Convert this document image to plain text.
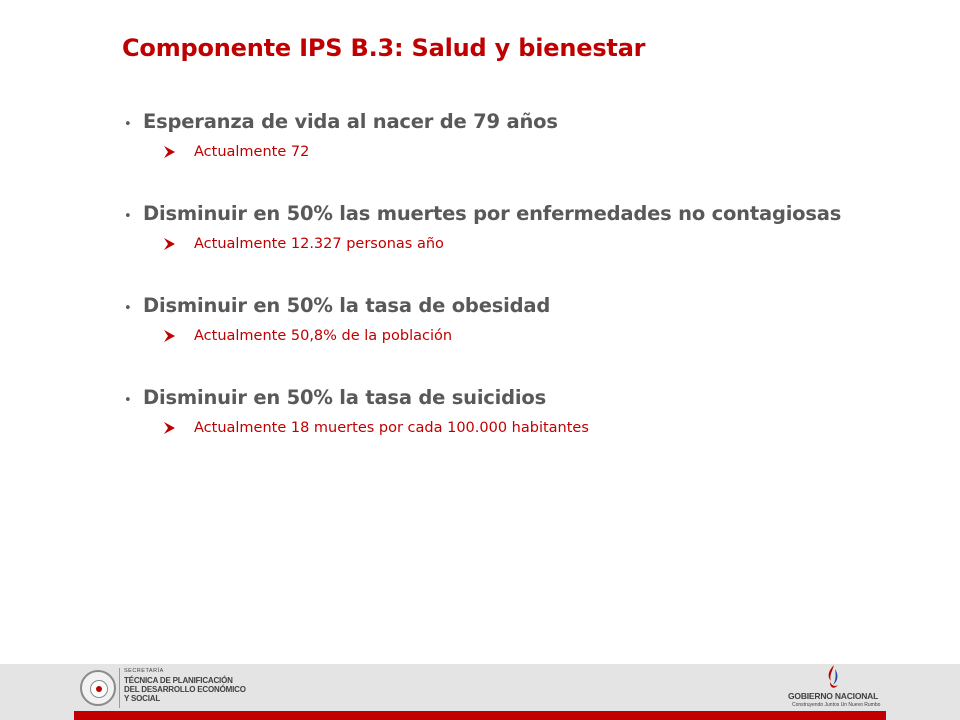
Componente IPS B.3: Salud y bienestar
• Esperanza de vida al nacer de 79 años
Actualmente 72
• Disminuir en 50% las muertes por enfermedades no contagiosas
Actualmente 12.327 personas año
• Disminuir en 50% la tasa de obesidad
Actualmente 50,8% de la población
• Disminuir en 50% la tasa de suicidios
Actualmente 18 muertes por cada 100.000 habitantes
SECRETARÍA
TÉCNICA DE PLANIFICACIÓN
DEL DESARROLLO ECONÓMICO
Y SOCIAL	GOBIERNO NACIONAL
Construyendo Juntos Un Nuevo Rumbo
